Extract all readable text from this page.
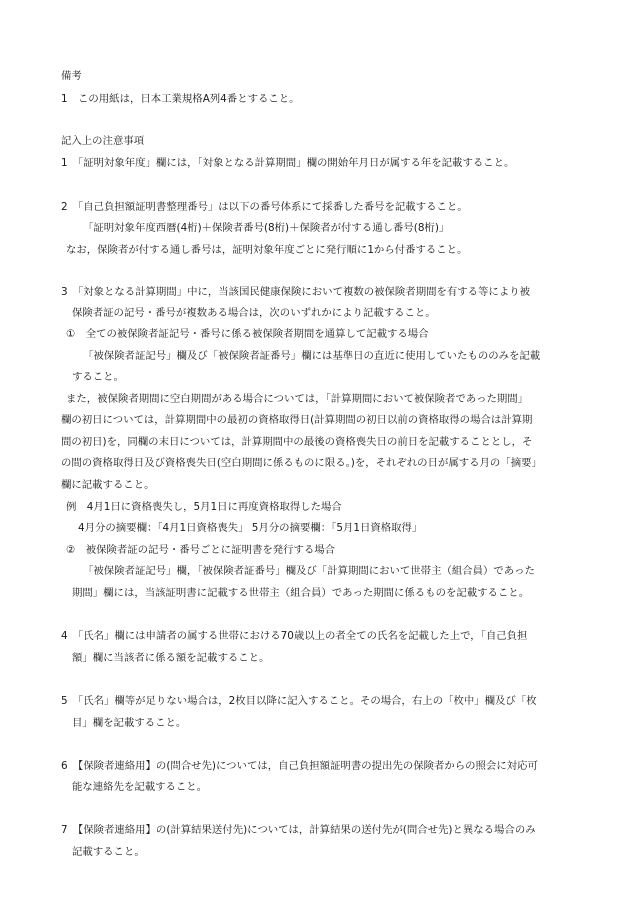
備考
1　この用紙は，日本工業規格A列4番とすること。
記入上の注意事項
1　「証明対象年度」欄には，「対象となる計算期間」欄の開始年月日が属する年を記載すること。
2　「自己負担額証明書整理番号」は以下の番号体系にて採番した番号を記載すること。
「証明対象年度西暦(4桁)＋保険者番号(8桁)＋保険者が付する通し番号(8桁)」
なお，保険者が付する通し番号は，証明対象年度ごとに発行順に1から付番すること。
3　「対象となる計算期間」中に，当該国民健康保険において複数の被保険者期間を有する等により被
保険者証の記号・番号が複数ある場合は，次のいずれかにより記載すること。
①　全ての被保険者証記号・番号に係る被保険者期間を通算して記載する場合
「被保険者証記号」欄及び「被保険者証番号」欄には基準日の直近に使用していたもののみを記載
すること。
また，被保険者期間に空白期間がある場合については，「計算期間において被保険者であった期間」
欄の初日については，計算期間中の最初の資格取得日(計算期間の初日以前の資格取得の場合は計算期
間の初日)を，同欄の末日については，計算期間中の最後の資格喪失日の前日を記載することとし，そ
の間の資格取得日及び資格喪失日(空白期間に係るものに限る。)を，それぞれの日が属する月の「摘要」
欄に記載すること。
例　4月1日に資格喪失し，5月1日に再度資格取得した場合
4月分の摘要欄：「4月1日資格喪失」 5月分の摘要欄：「5月1日資格取得」
②　被保険者証の記号・番号ごとに証明書を発行する場合
「被保険者証記号」欄，「被保険者証番号」欄及び「計算期間において世帯主（組合員）であった
期間」欄には，当該証明書に記載する世帯主（組合員）であった期間に係るものを記載すること。
4　「氏名」欄には申請者の属する世帯における70歳以上の者全ての氏名を記載した上で，「自己負担
額」欄に当該者に係る額を記載すること。
5　「氏名」欄等が足りない場合は，2枚目以降に記入すること。その場合，右上の「枚中」欄及び「枚
目」欄を記載すること。
6　【保険者連絡用】の(問合せ先)については，自己負担額証明書の提出先の保険者からの照会に対応可
能な連絡先を記載すること。
7　【保険者連絡用】の(計算結果送付先)については，計算結果の送付先が(問合せ先)と異なる場合のみ
記載すること。
